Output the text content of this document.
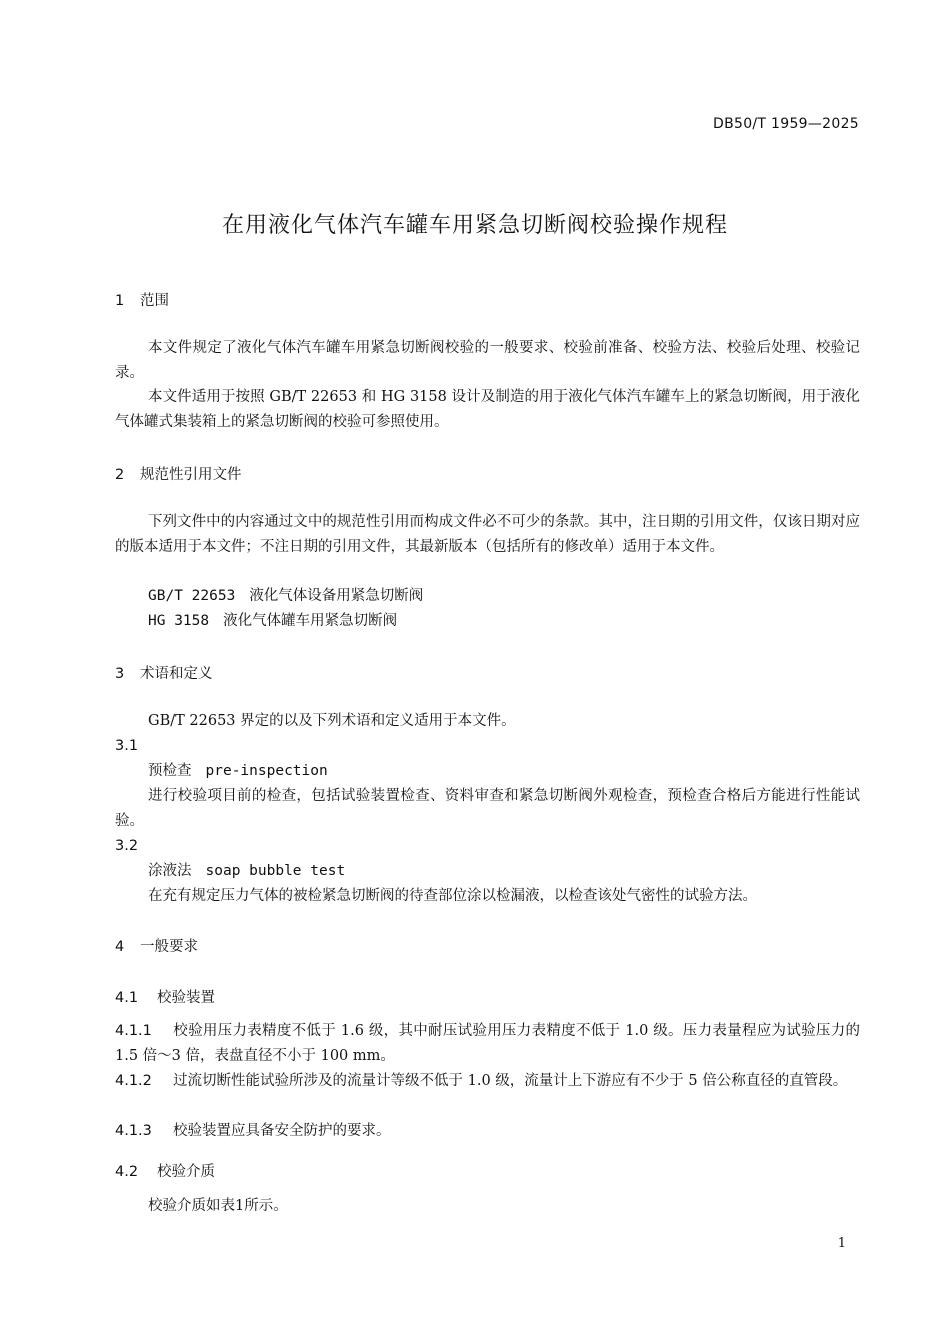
DB50/T 1959—2025
在用液化气体汽车罐车用紧急切断阀校验操作规程
1 范围
本文件规定了液化气体汽车罐车用紧急切断阀校验的一般要求、校验前准备、校验方法、校验后处理、校验记录。
本文件适用于按照 GB/T 22653 和 HG 3158 设计及制造的用于液化气体汽车罐车上的紧急切断阀，用于液化气体罐式集装箱上的紧急切断阀的校验可参照使用。
2 规范性引用文件
下列文件中的内容通过文中的规范性引用而构成文件必不可少的条款。其中，注日期的引用文件，仅该日期对应的版本适用于本文件；不注日期的引用文件，其最新版本（包括所有的修改单）适用于本文件。
GB/T 22653 液化气体设备用紧急切断阀
HG 3158 液化气体罐车用紧急切断阀
3 术语和定义
GB/T 22653 界定的以及下列术语和定义适用于本文件。
3.1
预检查 pre-inspection
进行校验项目前的检查，包括试验装置检查、资料审查和紧急切断阀外观检查，预检查合格后方能进行性能试验。
3.2
涂液法 soap bubble test
在充有规定压力气体的被检紧急切断阀的待查部位涂以检漏液，以检查该处气密性的试验方法。
4 一般要求
4.1 校验装置
4.1.1 校验用压力表精度不低于 1.6 级，其中耐压试验用压力表精度不低于 1.0 级。压力表量程应为试验压力的 1.5 倍～3 倍，表盘直径不小于 100 mm。
4.1.2 过流切断性能试验所涉及的流量计等级不低于 1.0 级，流量计上下游应有不少于 5 倍公称直径的直管段。
4.1.3 校验装置应具备安全防护的要求。
4.2 校验介质
校验介质如表1所示。
1
